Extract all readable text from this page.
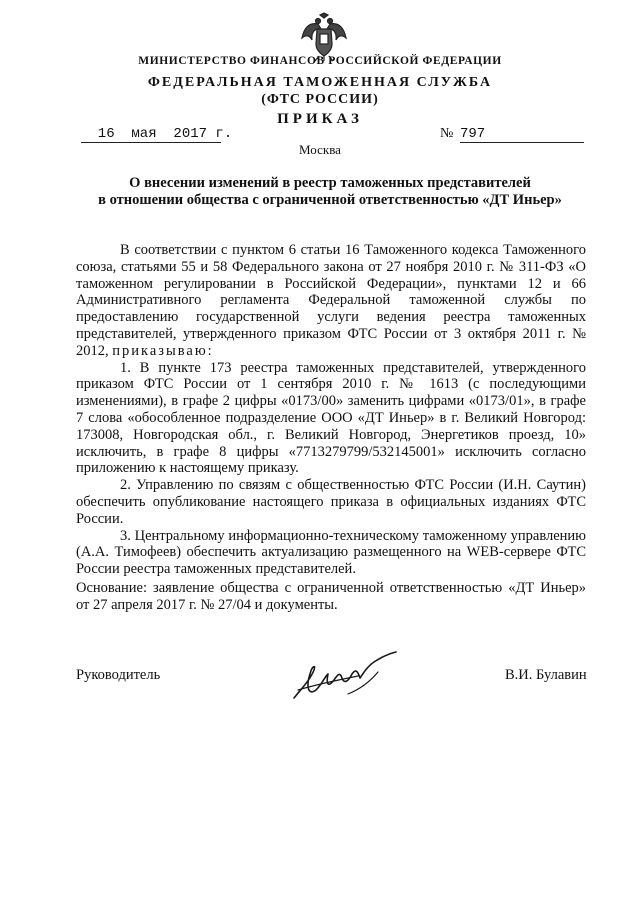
МИНИСТЕРСТВО ФИНАНСОВ РОССИЙСКОЙ ФЕДЕРАЦИИ
ФЕДЕРАЛЬНАЯ ТАМОЖЕННАЯ СЛУЖБА
(ФТС РОССИИ)
ПРИКАЗ
16  мая  2017 г.	№ 797
Москва
О внесении изменений в реестр таможенных представителей
в отношении общества с ограниченной ответственностью «ДТ Иньер»

В соответствии с пунктом 6 статьи 16 Таможенного кодекса Таможенного союза, статьями 55 и 58 Федерального закона от 27 ноября 2010 г. № 311-ФЗ «О таможенном регулировании в Российской Федерации», пунктами 12 и 66 Административного регламента Федеральной таможенной службы по предоставлению государственной услуги ведения реестра таможенных представителей, утвержденного приказом ФТС России от 3 октября 2011 г. № 2012, приказываю:

1. В пункте 173 реестра таможенных представителей, утвержденного приказом ФТС России от 1 сентября 2010 г. № 1613 (с последующими изменениями), в графе 2 цифры «0173/00» заменить цифрами «0173/01», в графе 7 слова «обособленное подразделение ООО «ДТ Иньер» в г. Великий Новгород: 173008, Новгородская обл., г. Великий Новгород, Энергетиков проезд, 10» исключить, в графе 8 цифры «7713279799/532145001» исключить согласно приложению к настоящему приказу.

2. Управлению по связям с общественностью ФТС России (И.Н. Саутин) обеспечить опубликование настоящего приказа в официальных изданиях ФТС России.

3. Центральному информационно-техническому таможенному управлению (А.А. Тимофеев) обеспечить актуализацию размещенного на WEB-сервере ФТС России реестра таможенных представителей.

Основание: заявление общества с ограниченной ответственностью «ДТ Иньер» от 27 апреля 2017 г. № 27/04 и документы.
Руководитель	В.И. Булавин
